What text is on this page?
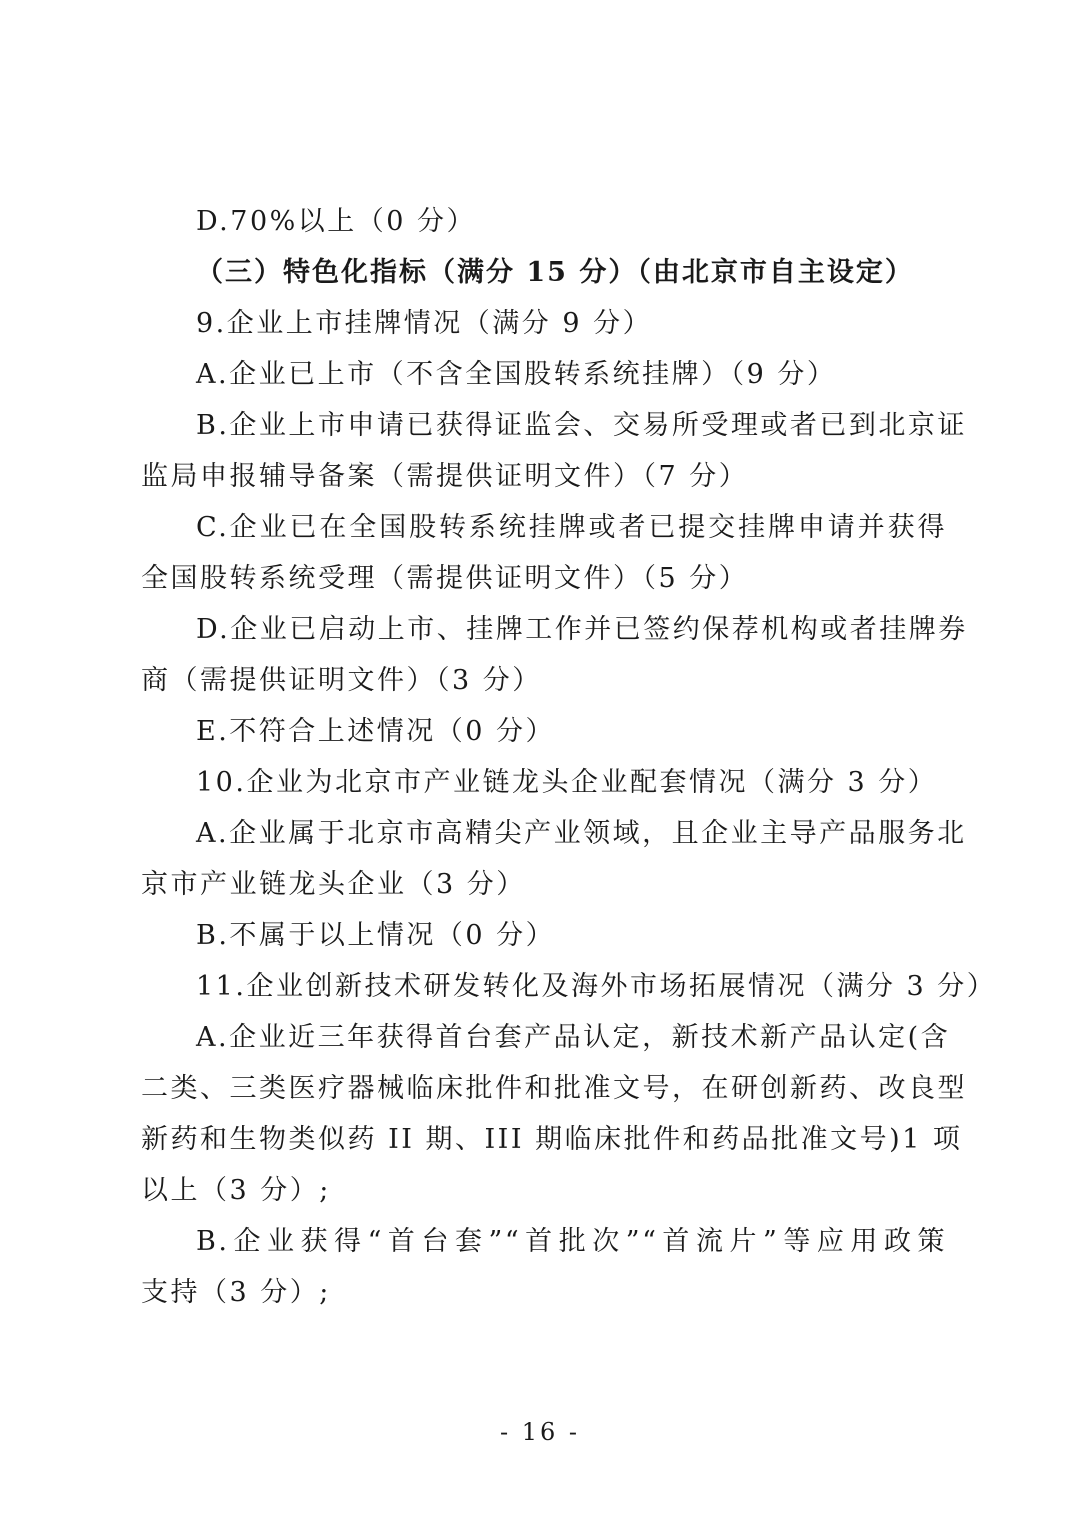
D.70%以上（0 分）
（三）特色化指标（满分 15 分）（由北京市自主设定）
9.企业上市挂牌情况（满分 9 分）
A.企业已上市（不含全国股转系统挂牌）（9 分）
B.企业上市申请已获得证监会、交易所受理或者已到北京证
监局申报辅导备案（需提供证明文件）（7 分）
C.企业已在全国股转系统挂牌或者已提交挂牌申请并获得
全国股转系统受理（需提供证明文件）（5 分）
D.企业已启动上市、挂牌工作并已签约保荐机构或者挂牌券
商（需提供证明文件）（3 分）
E.不符合上述情况（0 分）
10.企业为北京市产业链龙头企业配套情况（满分 3 分）
A.企业属于北京市高精尖产业领域，且企业主导产品服务北
京市产业链龙头企业（3 分）
B.不属于以上情况（0 分）
11.企业创新技术研发转化及海外市场拓展情况（满分 3 分）
A.企业近三年获得首台套产品认定，新技术新产品认定(含
二类、三类医疗器械临床批件和批准文号，在研创新药、改良型
新药和生物类似药 II 期、III 期临床批件和药品批准文号)1 项
以上（3 分）;
B.企业获得“首台套”“首批次”“首流片”等应用政策
支持（3 分）;
- 16 -
